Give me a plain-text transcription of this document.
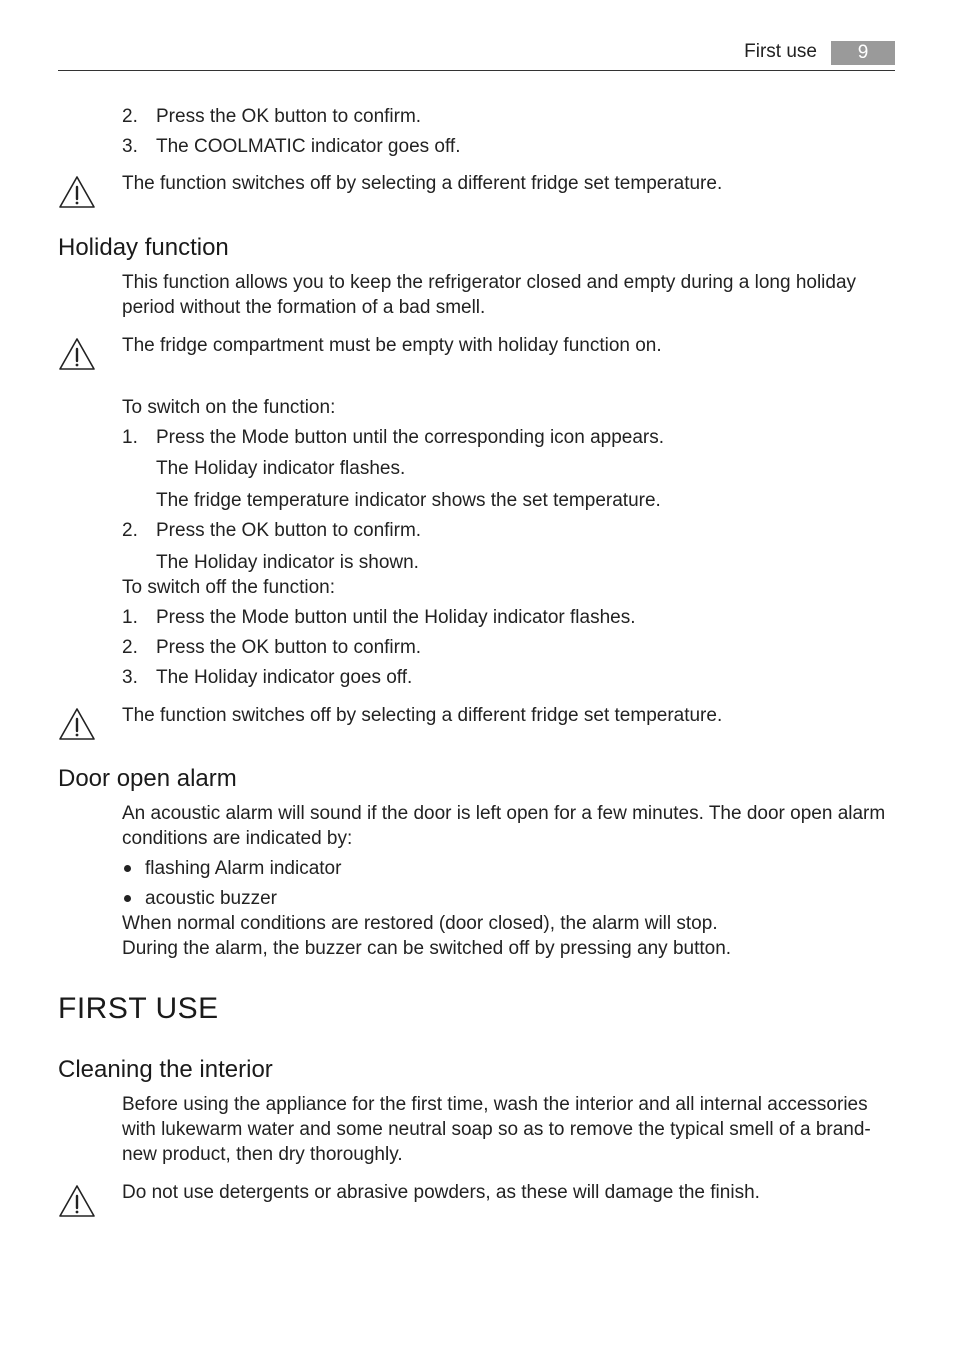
First use	9
2. Press the OK button to confirm.
3. The COOLMATIC indicator goes off.
The function switches off by selecting a different fridge set temperature.
Holiday function
This function allows you to keep the refrigerator closed and empty during a long holiday
period without the formation of a bad smell.
The fridge compartment must be empty with holiday function on.
To switch on the function:
1. Press the Mode button until the corresponding icon appears.
The Holiday indicator flashes.
The fridge temperature indicator shows the set temperature.
2. Press the OK button to confirm.
The Holiday indicator is shown.
To switch off the function:
1. Press the Mode button until the Holiday indicator flashes.
2. Press the OK button to confirm.
3. The Holiday indicator goes off.
The function switches off by selecting a different fridge set temperature.
Door open alarm
An acoustic alarm will sound if the door is left open for a few minutes. The door open alarm
conditions are indicated by:
flashing Alarm indicator
acoustic buzzer
When normal conditions are restored (door closed), the alarm will stop.
During the alarm, the buzzer can be switched off by pressing any button.
FIRST USE
Cleaning the interior
Before using the appliance for the first time, wash the interior and all internal accessories
with lukewarm water and some neutral soap so as to remove the typical smell of a brand-
new product, then dry thoroughly.
Do not use detergents or abrasive powders, as these will damage the finish.
